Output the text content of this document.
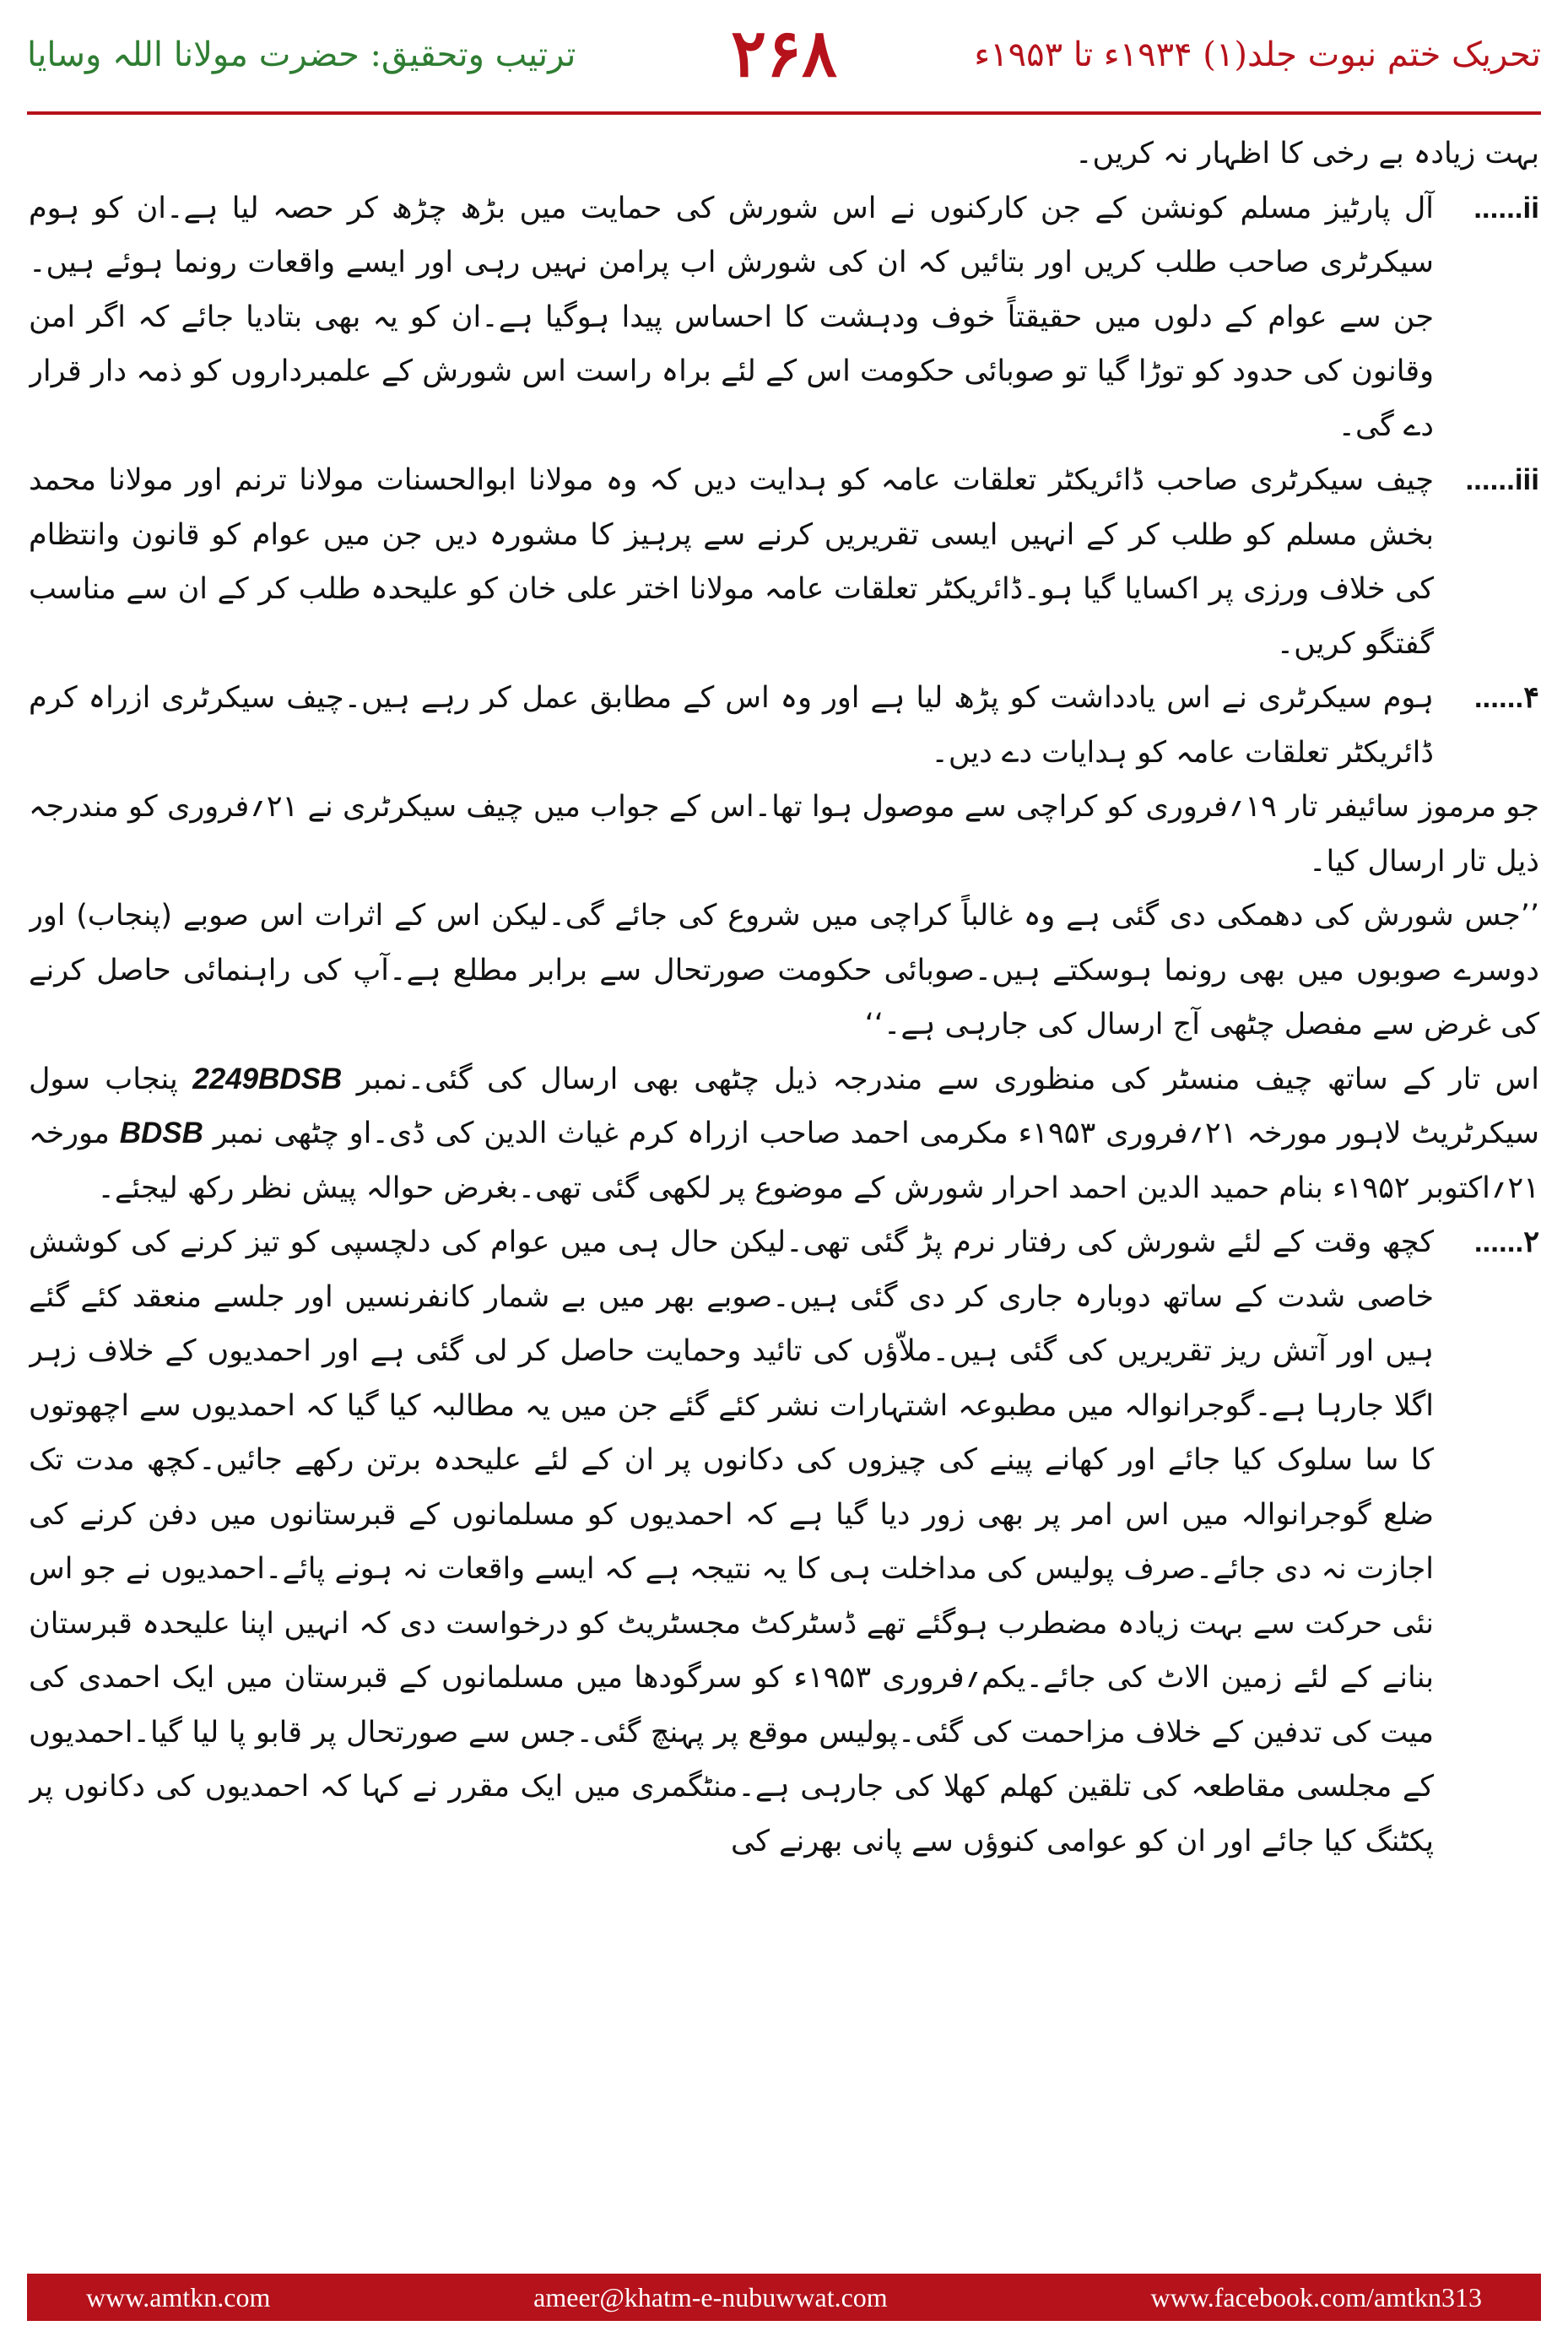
ترتیب وتحقیق: حضرت مولانا اللہ وسایا	۲۶۸	تحریک ختم نبوت جلد(۱) ۱۹۳۴ء تا ۱۹۵۳ء

بہت زیادہ بے رخی کا اظہار نہ کریں۔

ii......
آل پارٹیز مسلم کونشن کے جن کارکنوں نے اس شورش کی حمایت میں بڑھ چڑھ کر حصہ لیا ہے۔ان کو ہوم سیکرٹری صاحب طلب کریں اور بتائیں کہ ان کی شورش اب پرامن نہیں رہی اور ایسے واقعات رونما ہوئے ہیں۔جن سے عوام کے دلوں میں حقیقتاً خوف ودہشت کا احساس پیدا ہوگیا ہے۔ان کو یہ بھی بتادیا جائے کہ اگر امن وقانون کی حدود کو توڑا گیا تو صوبائی حکومت اس کے لئے براہ راست اس شورش کے علمبرداروں کو ذمہ دار قرار دے گی۔

iii......
چیف سیکرٹری صاحب ڈائریکٹر تعلقات عامہ کو ہدایت دیں کہ وہ مولانا ابوالحسنات مولانا ترنم اور مولانا محمد بخش مسلم کو طلب کر کے انہیں ایسی تقریریں کرنے سے پرہیز کا مشورہ دیں جن میں عوام کو قانون وانتظام کی خلاف ورزی پر اکسایا گیا ہو۔ڈائریکٹر تعلقات عامہ مولانا اختر علی خان کو علیحدہ طلب کر کے ان سے مناسب گفتگو کریں۔

۴......
ہوم سیکرٹری نے اس یادداشت کو پڑھ لیا ہے اور وہ اس کے مطابق عمل کر رہے ہیں۔چیف سیکرٹری ازراہ کرم ڈائریکٹر تعلقات عامہ کو ہدایات دے دیں۔

جو مرموز سائیفر تار ۱۹؍فروری کو کراچی سے موصول ہوا تھا۔اس کے جواب میں چیف سیکرٹری نے ۲۱؍فروری کو مندرجہ ذیل تار ارسال کیا۔

’’جس شورش کی دھمکی دی گئی ہے وہ غالباً کراچی میں شروع کی جائے گی۔لیکن اس کے اثرات اس صوبے (پنجاب) اور دوسرے صوبوں میں بھی رونما ہوسکتے ہیں۔صوبائی حکومت صورتحال سے برابر مطلع ہے۔آپ کی راہنمائی حاصل کرنے کی غرض سے مفصل چٹھی آج ارسال کی جارہی ہے۔‘‘

اس تار کے ساتھ چیف منسٹر کی منظوری سے مندرجہ ذیل چٹھی بھی ارسال کی گئی۔نمبر 2249BDSB پنجاب سول سیکرٹریٹ لاہور مورخہ ۲۱؍فروری ۱۹۵۳ء مکرمی احمد صاحب ازراہ کرم غیاث الدین کی ڈی۔او چٹھی نمبر BDSB مورخہ ۲۱؍اکتوبر ۱۹۵۲ء بنام حمید الدین احمد احرار شورش کے موضوع پر لکھی گئی تھی۔بغرض حوالہ پیش نظر رکھ لیجئے۔

۲......
کچھ وقت کے لئے شورش کی رفتار نرم پڑ گئی تھی۔لیکن حال ہی میں عوام کی دلچسپی کو تیز کرنے کی کوشش خاصی شدت کے ساتھ دوبارہ جاری کر دی گئی ہیں۔صوبے بھر میں بے شمار کانفرنسیں اور جلسے منعقد کئے گئے ہیں اور آتش ریز تقریریں کی گئی ہیں۔ملاّؤں کی تائید وحمایت حاصل کر لی گئی ہے اور احمدیوں کے خلاف زہر اگلا جارہا ہے۔گوجرانوالہ میں مطبوعہ اشتہارات نشر کئے گئے جن میں یہ مطالبہ کیا گیا کہ احمدیوں سے اچھوتوں کا سا سلوک کیا جائے اور کھانے پینے کی چیزوں کی دکانوں پر ان کے لئے علیحدہ برتن رکھے جائیں۔کچھ مدت تک ضلع گوجرانوالہ میں اس امر پر بھی زور دیا گیا ہے کہ احمدیوں کو مسلمانوں کے قبرستانوں میں دفن کرنے کی اجازت نہ دی جائے۔صرف پولیس کی مداخلت ہی کا یہ نتیجہ ہے کہ ایسے واقعات نہ ہونے پائے۔احمدیوں نے جو اس نئی حرکت سے بہت زیادہ مضطرب ہوگئے تھے ڈسٹرکٹ مجسٹریٹ کو درخواست دی کہ انہیں اپنا علیحدہ قبرستان بنانے کے لئے زمین الاٹ کی جائے۔یکم؍فروری ۱۹۵۳ء کو سرگودھا میں مسلمانوں کے قبرستان میں ایک احمدی کی میت کی تدفین کے خلاف مزاحمت کی گئی۔پولیس موقع پر پہنچ گئی۔جس سے صورتحال پر قابو پا لیا گیا۔احمدیوں کے مجلسی مقاطعہ کی تلقین کھلم کھلا کی جارہی ہے۔منٹگمری میں ایک مقرر نے کہا کہ احمدیوں کی دکانوں پر پکٹنگ کیا جائے اور ان کو عوامی کنوؤں سے پانی بھرنے کی

www.amtkn.com	ameer@khatm-e-nubuwwat.com	www.facebook.com/amtkn313
